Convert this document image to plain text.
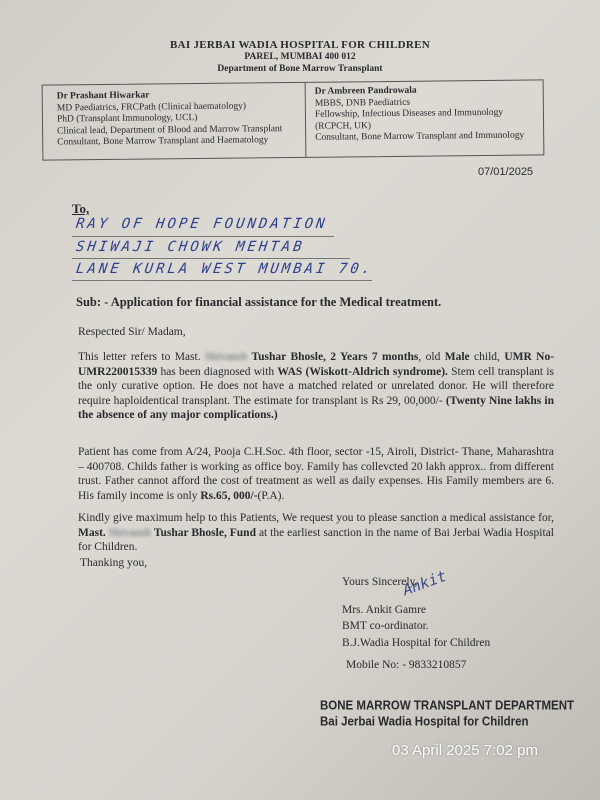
BAI JERBAI WADIA HOSPITAL FOR CHILDREN
PAREL, MUMBAI 400 012
Department of Bone Marrow Transplant
Dr Prashant Hiwarkar
MD Paediatrics, FRCPath (Clinical haematology)
PhD (Transplant Immunology, UCL)
Clinical lead, Department of Blood and Marrow Transplant
Consultant, Bone Marrow Transplant and Haematology
Dr Ambreen Pandrowala
MBBS, DNB Paediatrics
Fellowship, Infectious Diseases and Immunology
(RCPCH, UK)
Consultant, Bone Marrow Transplant and Immunology
07/01/2025
To,
RAY OF HOPE FOUNDATION
SHIWAJI CHOWK MEHTAB
LANE KURLA WEST MUMBAI 70.
Sub: - Application for financial assistance for the Medical treatment.
Respected Sir/ Madam,
This letter refers to Mast. Shivansh Tushar Bhosle, 2 Years 7 months, old Male child, UMR No- UMR220015339 has been diagnosed with WAS (Wiskott-Aldrich syndrome). Stem cell transplant is the only curative option. He does not have a matched related or unrelated donor. He will therefore require haploidentical transplant. The estimate for transplant is Rs 29, 00,000/- (Twenty Nine lakhs in the absence of any major complications.)
Patient has come from A/24, Pooja C.H.Soc. 4th floor, sector -15, Airoli, District- Thane, Maharashtra – 400708. Childs father is working as office boy. Family has collevcted 20 lakh approx.. from different trust. Father cannot afford the cost of treatment as well as daily expenses. His Family members are 6. His family income is only Rs.65, 000/-(P.A).
Kindly give maximum help to this Patients, We request you to please sanction a medical assistance for, Mast. Shivansh Tushar Bhosle, Fund at the earliest sanction in the name of Bai Jerbai Wadia Hospital for Children.
Thanking you,
Yours Sincerely,
Ankit
Mrs. Ankit Gamre
BMT co-ordinator.
B.J.Wadia Hospital for Children
Mobile No: - 9833210857
BONE MARROW TRANSPLANT DEPARTMENT
Bai Jerbai Wadia Hospital for Children
03 April 2025 7:02 pm
